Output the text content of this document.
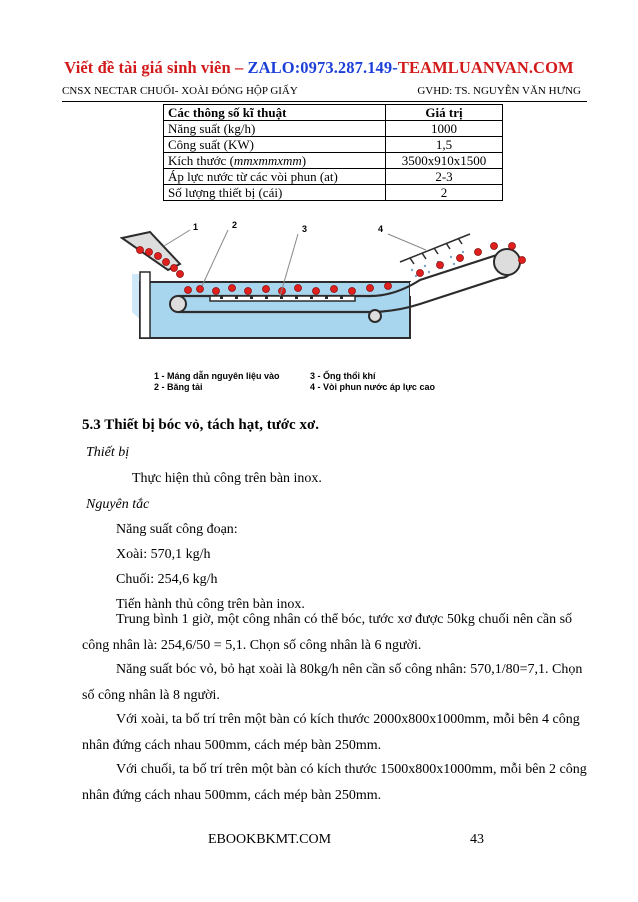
Viết đề tài giá sinh viên – ZALO:0973.287.149-TEAMLUANVAN.COM
CNSX NECTAR CHUỐI- XOÀI ĐÓNG HỘP GIẤY	GVHD: TS. NGUYỄN VĂN HƯNG
Các thông số kĩ thuật	Giá trị
Năng suất (kg/h)	1000
Công suất (KW)	1,5
Kích thước (mmxmmxmm)	3500x910x1500
Áp lực nước từ các vòi phun (at)	2-3
Số lượng thiết bị (cái)	2
1	2	3	4
1 - Máng dẫn nguyên liệu vào
2 - Băng tải
3 - Ống thổi khí
4 - Vòi phun nước áp lực cao
5.3 Thiết bị bóc vỏ, tách hạt, tước xơ.
Thiết bị
Thực hiện thủ công trên bàn inox.
Nguyên tắc
Năng suất công đoạn:
Xoài: 570,1 kg/h
Chuối: 254,6 kg/h
Tiến hành thủ công trên bàn inox.
Trung bình 1 giờ, một công nhân có thể bóc, tước xơ được 50kg chuối nên cần số
công nhân là: 254,6/50 = 5,1. Chọn số công nhân là 6 người.
Năng suất bóc vỏ, bỏ hạt xoài là 80kg/h nên cần số công nhân: 570,1/80=7,1. Chọn
số công nhân là 8 người.
Với xoài, ta bố trí trên một bàn có kích thước 2000x800x1000mm, mỗi bên 4 công
nhân đứng cách nhau 500mm, cách mép bàn 250mm.
Với chuối, ta bố trí trên một bàn có kích thước 1500x800x1000mm, mỗi bên 2 công
nhân đứng cách nhau 500mm, cách mép bàn 250mm.
EBOOKBKMT.COM	43
